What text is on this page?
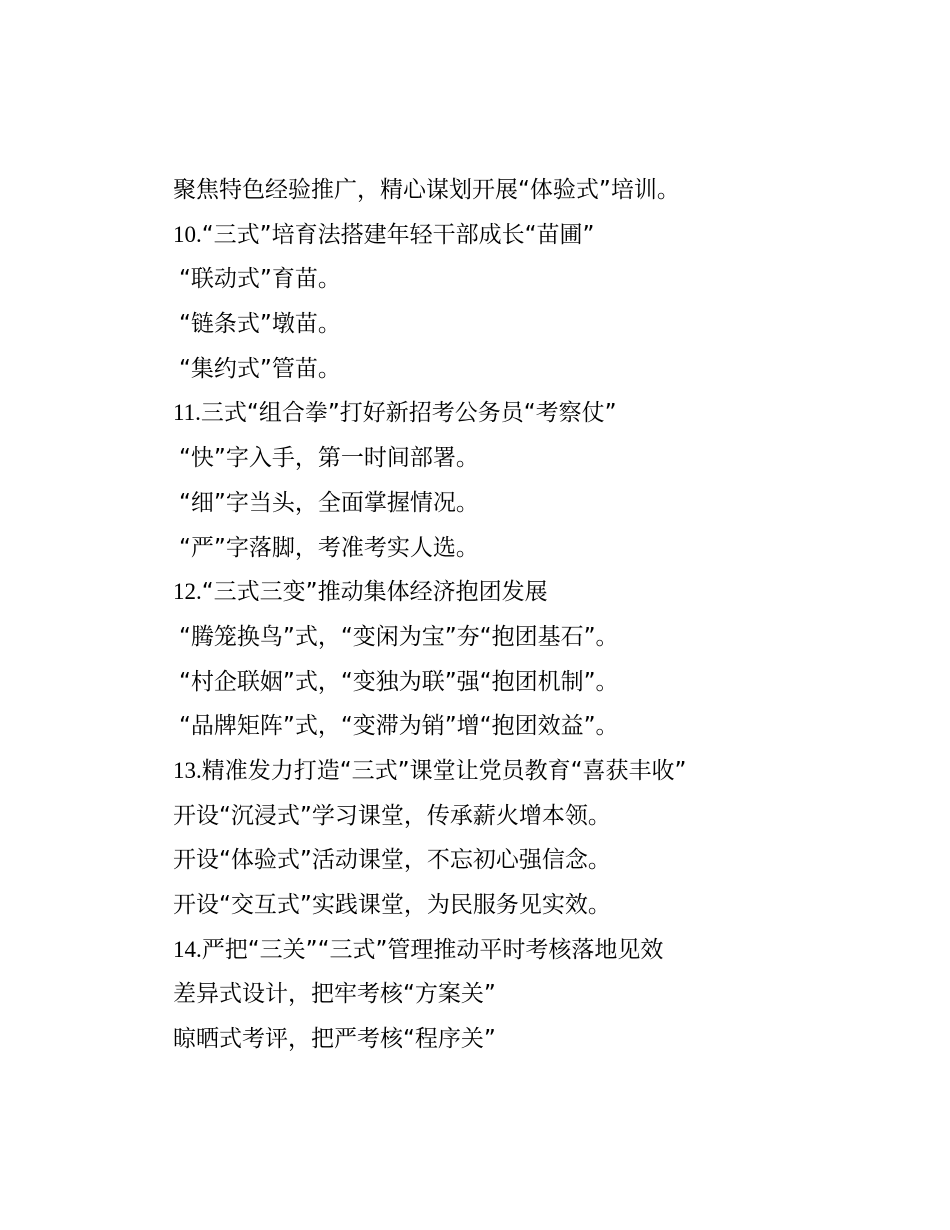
聚焦特色经验推广，精心谋划开展“体验式”培训。
10.“三式”培育法搭建年轻干部成长“苗圃”
“联动式”育苗。
“链条式”墩苗。
“集约式”管苗。
11.三式“组合拳”打好新招考公务员“考察仗”
“快”字入手，第一时间部署。
“细”字当头，全面掌握情况。
“严”字落脚，考准考实人选。
12.“三式三变”推动集体经济抱团发展
“腾笼换鸟”式，“变闲为宝”夯“抱团基石”。
“村企联姻”式，“变独为联”强“抱团机制”。
“品牌矩阵”式，“变滞为销”增“抱团效益”。
13.精准发力打造“三式”课堂让党员教育“喜获丰收”
开设“沉浸式”学习课堂，传承薪火增本领。
开设“体验式”活动课堂，不忘初心强信念。
开设“交互式”实践课堂，为民服务见实效。
14.严把“三关”“三式”管理推动平时考核落地见效
差异式设计，把牢考核“方案关”
晾晒式考评，把严考核“程序关”
